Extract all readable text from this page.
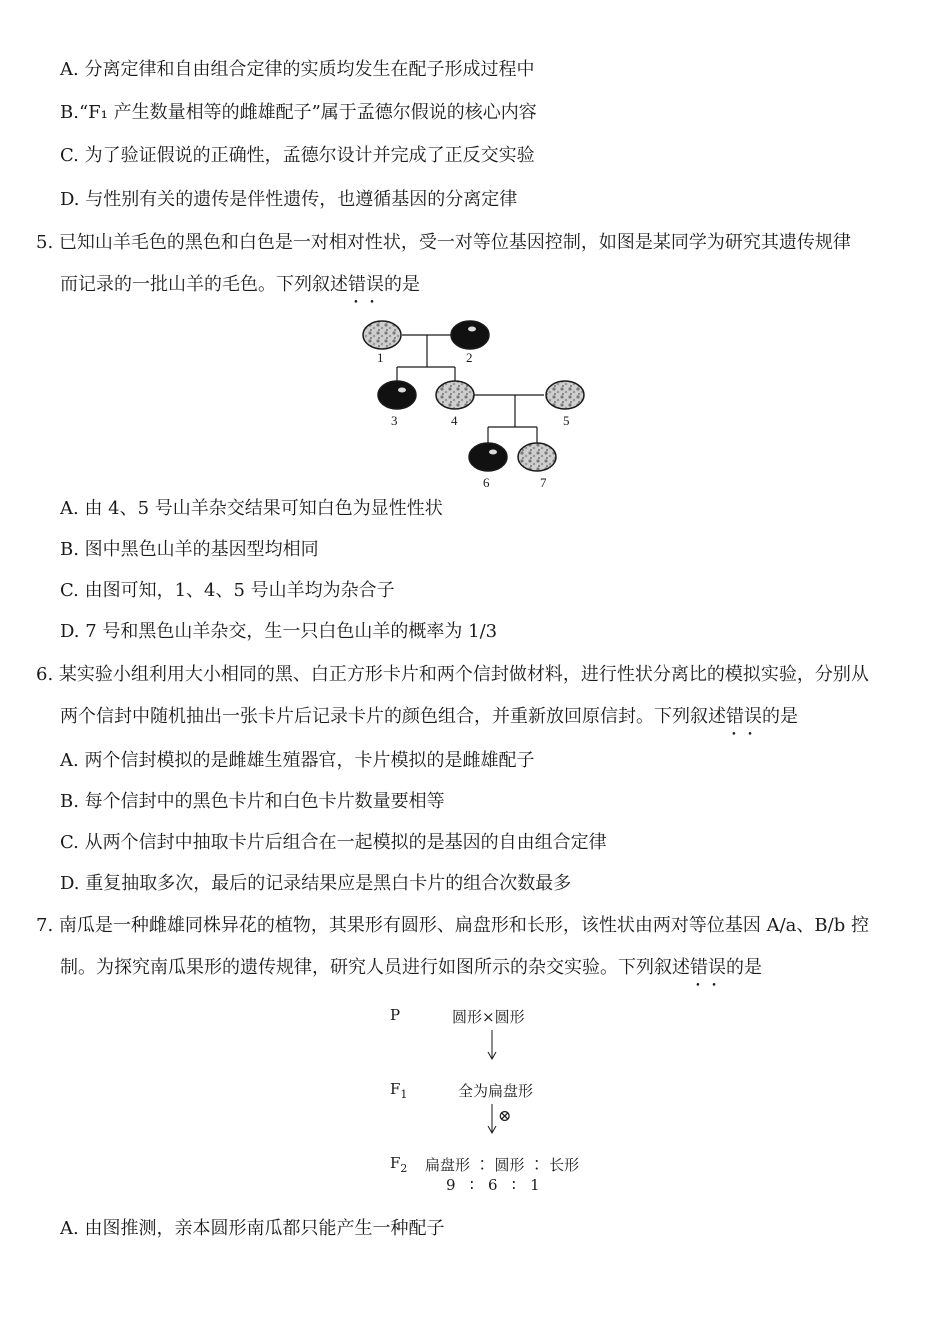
A. 分离定律和自由组合定律的实质均发生在配子形成过程中
B.“F₁ 产生数量相等的雌雄配子”属于孟德尔假说的核心内容
C. 为了验证假说的正确性，孟德尔设计并完成了正反交实验
D. 与性别有关的遗传是伴性遗传，也遵循基因的分离定律
5. 已知山羊毛色的黑色和白色是一对相对性状，受一对等位基因控制，如图是某同学为研究其遗传规律
而记录的一批山羊的毛色。下列叙述错误 • •的是
1	2
3	4	5
6	7
A. 由 4、5 号山羊杂交结果可知白色为显性性状
B. 图中黑色山羊的基因型均相同
C. 由图可知，1、4、5 号山羊均为杂合子
D. 7 号和黑色山羊杂交，生一只白色山羊的概率为 1/3
6. 某实验小组利用大小相同的黑、白正方形卡片和两个信封做材料，进行性状分离比的模拟实验，分别从
两个信封中随机抽出一张卡片后记录卡片的颜色组合，并重新放回原信封。下列叙述错误 • •的是
A. 两个信封模拟的是雌雄生殖器官，卡片模拟的是雌雄配子
B. 每个信封中的黑色卡片和白色卡片数量要相等
C. 从两个信封中抽取卡片后组合在一起模拟的是基因的自由组合定律
D. 重复抽取多次，最后的记录结果应是黑白卡片的组合次数最多
7. 南瓜是一种雌雄同株异花的植物，其果形有圆形、扁盘形和长形，该性状由两对等位基因 A/a、B/b 控
制。为探究南瓜果形的遗传规律，研究人员进行如图所示的杂交实验。下列叙述错误 • •的是
P	圆形×圆形
$F_1$	全为扁盘形
⊗
$F_2$ 扁盘形 ∶ 圆形 ∶ 长形
9   ∶   6   ∶   1
A. 由图推测，亲本圆形南瓜都只能产生一种配子
